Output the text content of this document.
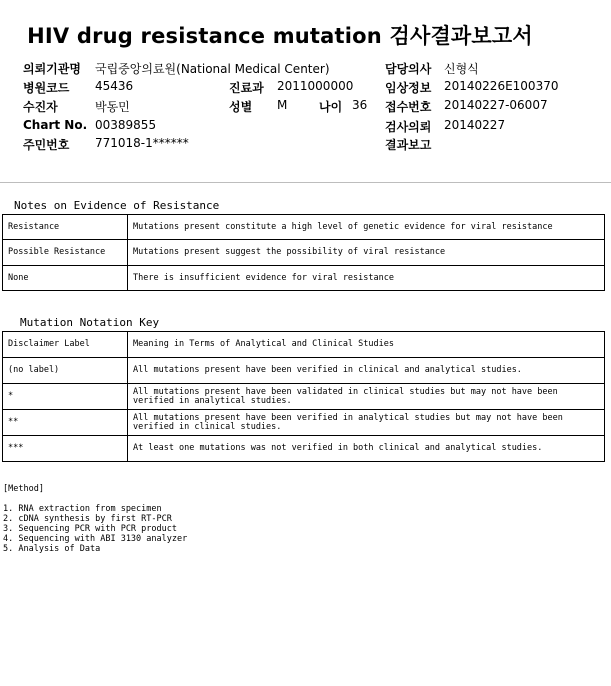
HIV drug resistance mutation 검사결과보고서
의뢰기관명 국립중앙의료원(National Medical Center)
병원코드 45436
수진자	박동민
Chart No. 00389855
주민번호 771018-1******
진료과 2011000000
성별 M	나이 36
담당의사 신형식
임상정보 20140226E100370
접수번호 20140227-06007
검사의뢰 20140227
결과보고
Notes on Evidence of Resistance
Resistance	Mutations present constitute a high level of genetic evidence for viral resistance
Possible Resistance	Mutations present suggest the possibility of viral resistance
None	There is insufficient evidence for viral resistance
Mutation Notation Key
Disclaimer Label	Meaning in Terms of Analytical and Clinical Studies
(no label)	All mutations present have been verified in clinical and analytical studies.
*	All mutations present have been validated in clinical studies but may not have been verified in analytical studies.
**	All mutations present have been verified in analytical studies but may not have been verified in clinical studies.
***	At least one mutations was not verified in both clinical and analytical studies.
[Method]
1. RNA extraction from specimen
2. cDNA synthesis by first RT-PCR
3. Sequencing PCR with PCR product
4. Sequencing with ABI 3130 analyzer
5. Analysis of Data
